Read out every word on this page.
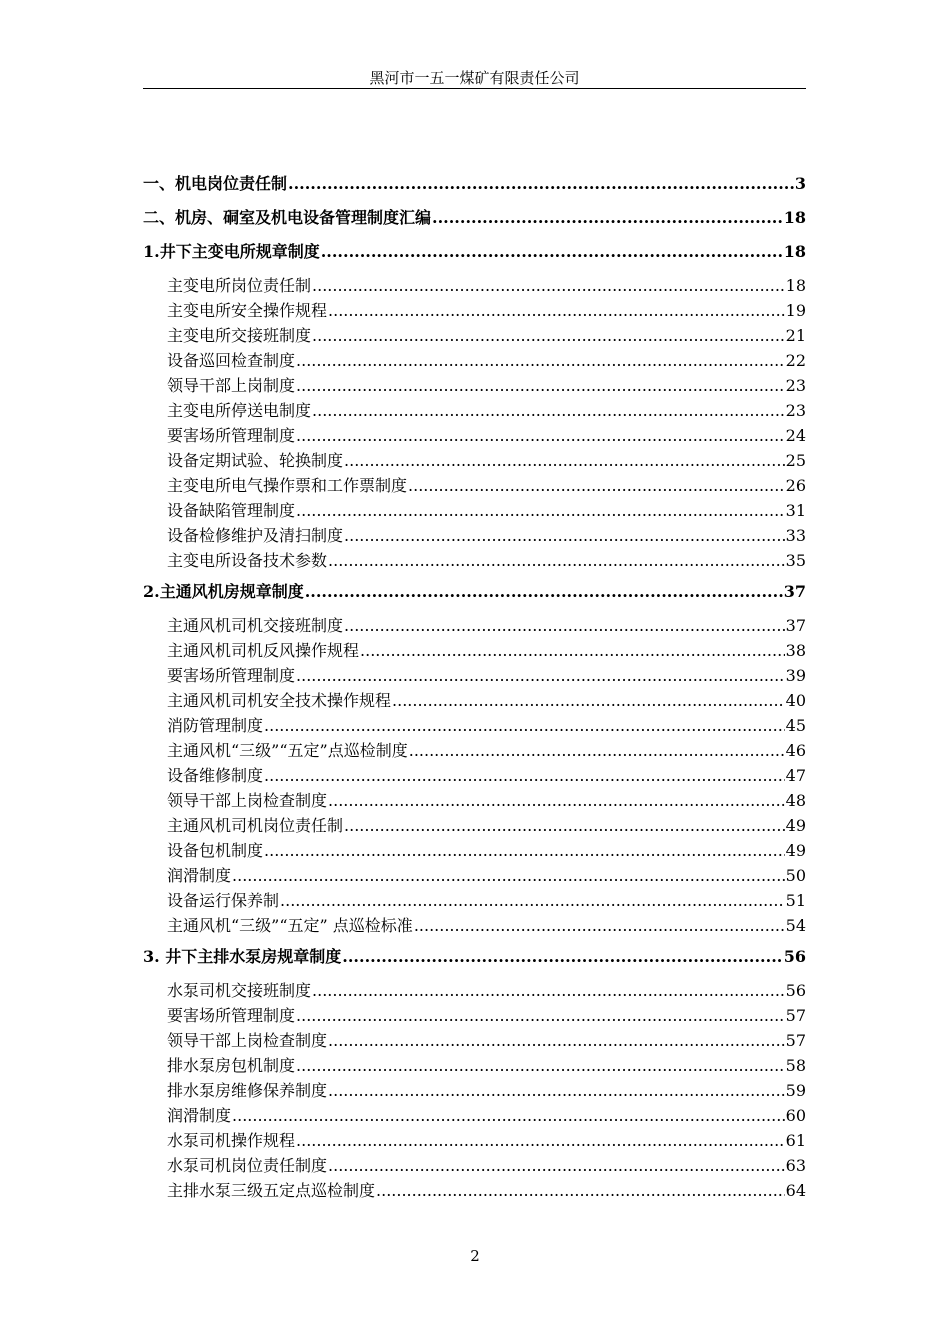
黑河市一五一煤矿有限责任公司
一、机电岗位责任制 .....	3
二、机房、硐室及机电设备管理制度汇编 .....	18
1.井下主变电所规章制度 .....	18
主变电所岗位责任制 .....	18
主变电所安全操作规程 .....	19
主变电所交接班制度 .....	21
设备巡回检查制度 .....	22
领导干部上岗制度 .....	23
主变电所停送电制度 .....	23
要害场所管理制度 .....	24
设备定期试验、轮换制度 .....	25
主变电所电气操作票和工作票制度 .....	26
设备缺陷管理制度 .....	31
设备检修维护及清扫制度 .....	33
主变电所设备技术参数 .....	35
2.主通风机房规章制度 .....	37
主通风机司机交接班制度 .....	37
主通风机司机反风操作规程 .....	38
要害场所管理制度 .....	39
主通风机司机安全技术操作规程 .....	40
消防管理制度 .....	45
主通风机“三级”“五定”点巡检制度 .....	46
设备维修制度 .....	47
领导干部上岗检查制度 .....	48
主通风机司机岗位责任制 .....	49
设备包机制度 .....	49
润滑制度 .....	50
设备运行保养制 .....	51
主通风机“三级”“五定” 点巡检标准 .....	54
3. 井下主排水泵房规章制度 .....	56
水泵司机交接班制度 .....	56
要害场所管理制度 .....	57
领导干部上岗检查制度 .....	57
排水泵房包机制度 .....	58
排水泵房维修保养制度 .....	59
润滑制度 .....	60
水泵司机操作规程 .....	61
水泵司机岗位责任制度 .....	63
主排水泵三级五定点巡检制度 .....	64
2
